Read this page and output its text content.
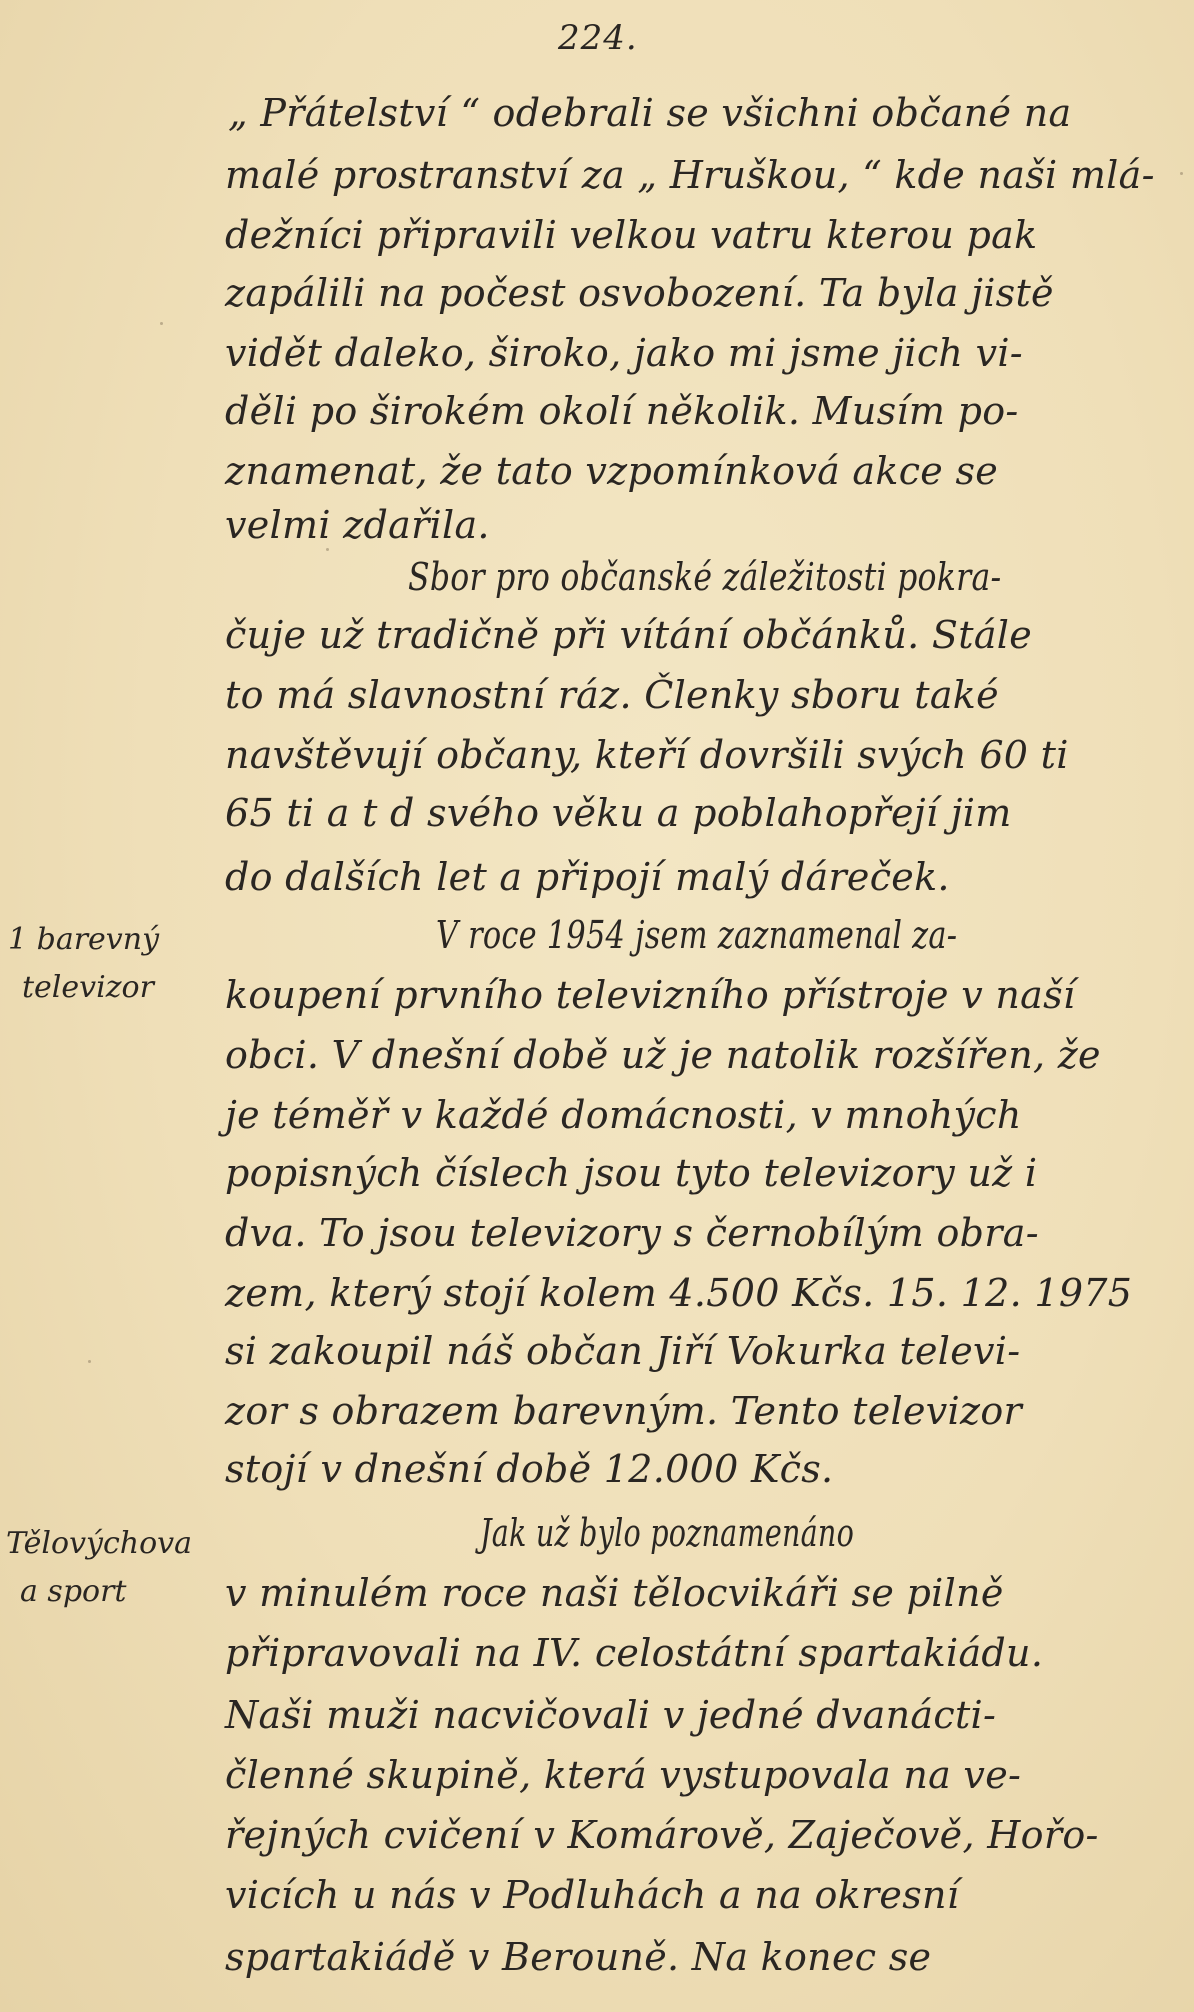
224.
1 barevný
televizor
Tělovýchova
a sport
„ Přátelství “ odebrali se všichni občané na
malé prostranství za „ Hruškou, “ kde naši mlá-
dežníci připravili velkou vatru kterou pak
zapálili na počest osvobození. Ta byla jistě
vidět daleko, široko, jako mi jsme jich vi-
děli po širokém okolí několik. Musím po-
znamenat, že tato vzpomínková akce se
velmi zdařila.
Sbor pro občanské záležitosti pokra-
čuje už tradičně při vítání občánků. Stále
to má slavnostní ráz. Členky sboru také
navštěvují občany, kteří dovršili svých 60 ti
65 ti a t d svého věku a poblahopřejí jim
do dalších let a připojí malý dáreček.
V roce 1954 jsem zaznamenal za-
koupení prvního televizního přístroje v naší
obci. V dnešní době už je natolik rozšířen, že
je téměř v každé domácnosti, v mnohých
popisných číslech jsou tyto televizory už i
dva. To jsou televizory s černobílým obra-
zem, který stojí kolem 4.500 Kčs. 15. 12. 1975
si zakoupil náš občan Jiří Vokurka televi-
zor s obrazem barevným. Tento televizor
stojí v dnešní době 12.000 Kčs.
Jak už bylo poznamenáno
v minulém roce naši tělocvikáři se pilně
připravovali na IV. celostátní spartakiádu.
Naši muži nacvičovali v jedné dvanácti-
členné skupině, která vystupovala na ve-
řejných cvičení v Komárově, Zaječově, Hořo-
vicích u nás v Podluhách a na okresní
spartakiádě v Berouně. Na konec se
